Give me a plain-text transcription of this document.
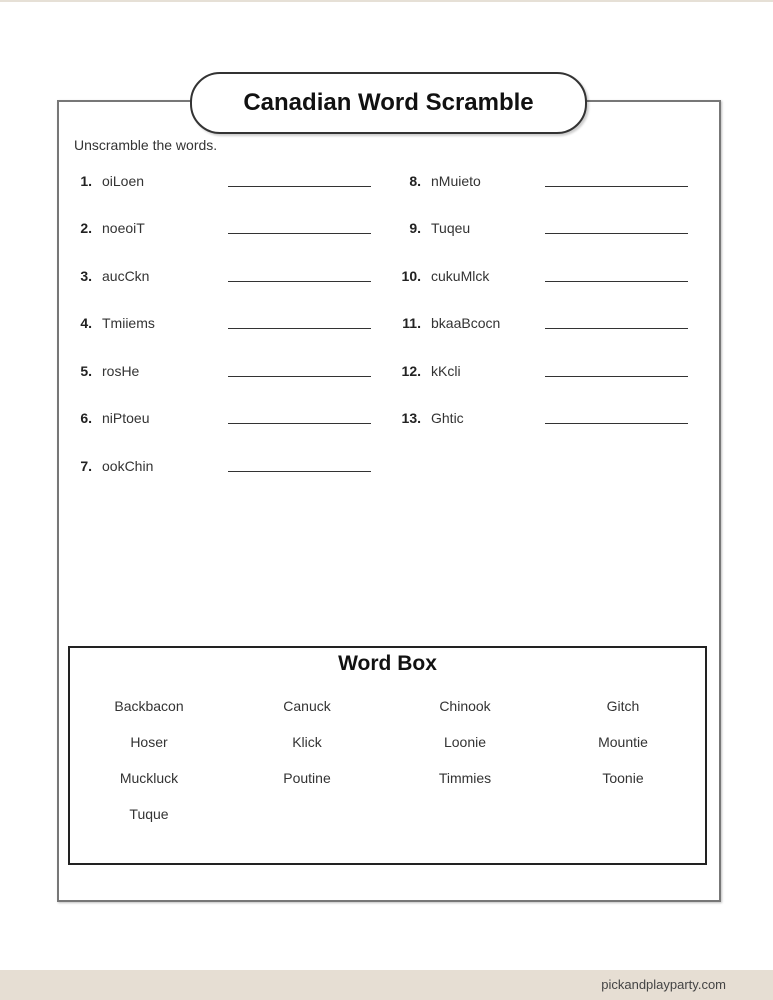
Canadian Word Scramble
Unscramble the words.
1. oiLoen
2. noeoiT
3. aucCkn
4. Tmiiems
5. rosHe
6. niPtoeu
7. ookChin
8. nMuieto
9. Tuqeu
10. cukuMlck
11. bkaaBcocn
12. kKcli
13. Ghtic
Word Box
Backbacon	Canuck	Chinook	Gitch
Hoser	Klick	Loonie	Mountie
Muckluck	Poutine	Timmies	Toonie
Tuque
pickandplayparty.com
